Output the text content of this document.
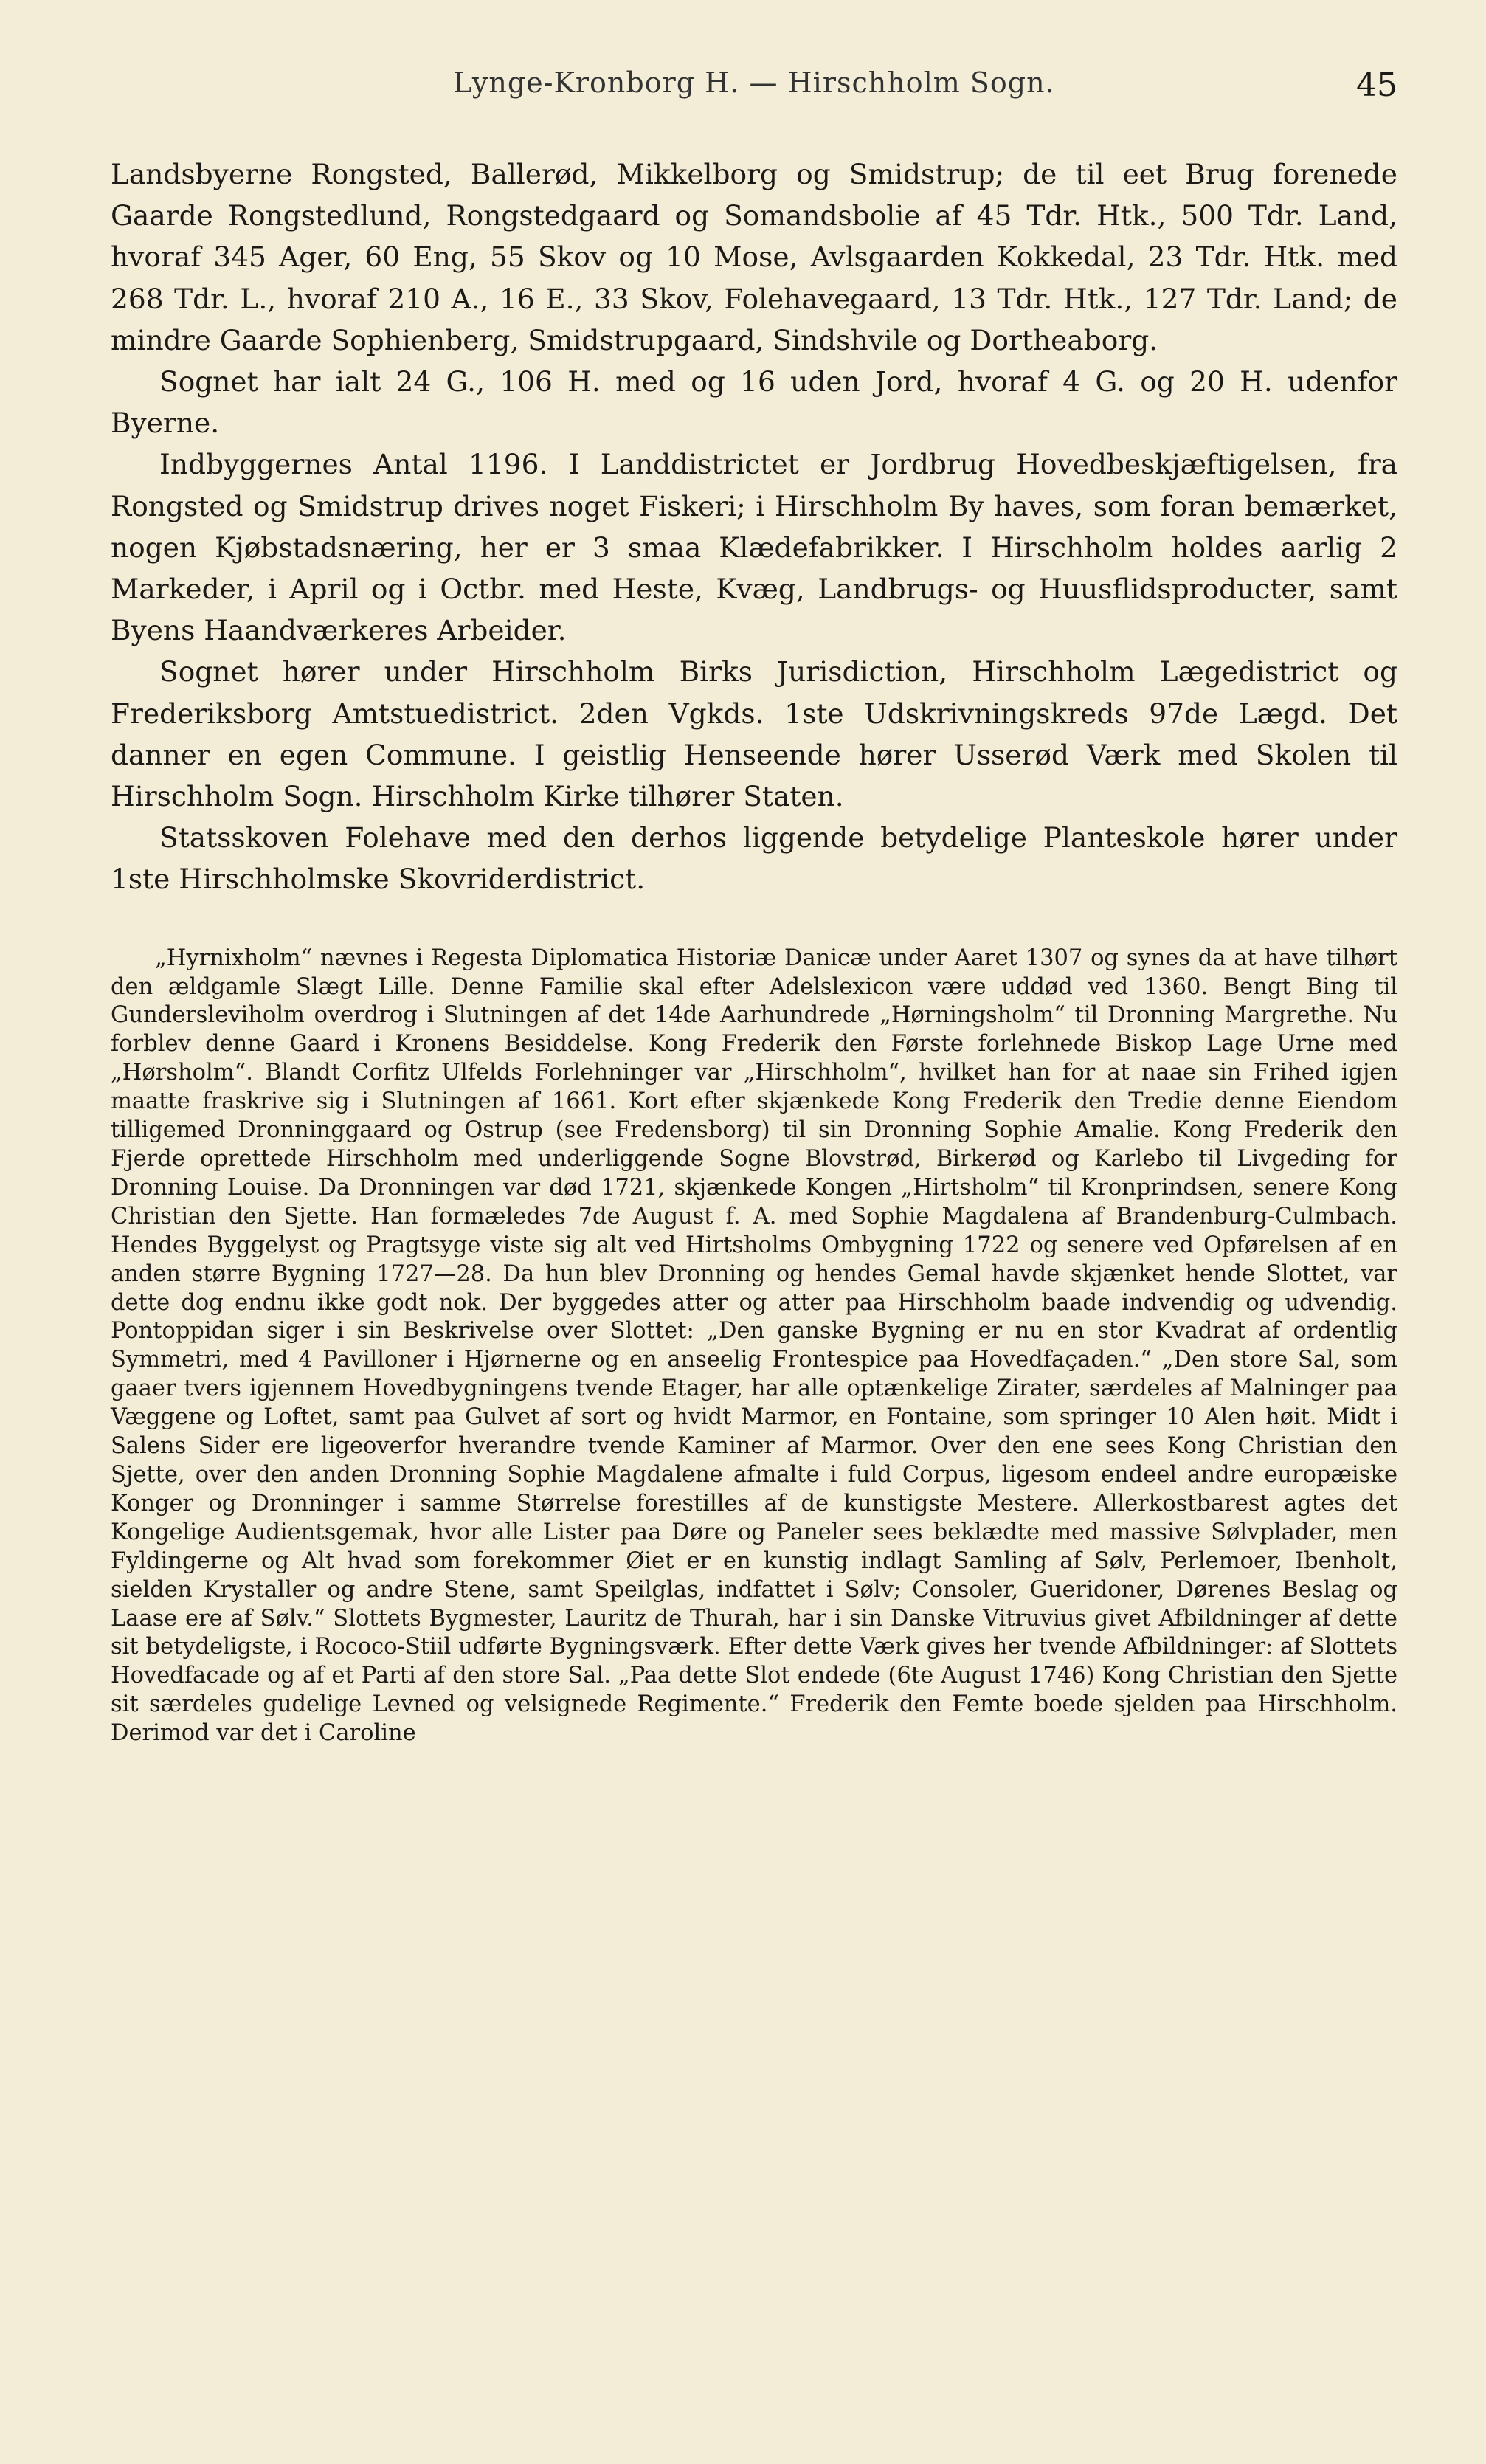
Lynge-Kronborg H. — Hirschholm Sogn.	45

Landsbyerne Rongsted, Ballerød, Mikkelborg og Smidstrup; de til eet Brug forenede Gaarde Rongstedlund, Rongstedgaard og Somandsbolie af 45 Tdr. Htk., 500 Tdr. Land, hvoraf 345 Ager, 60 Eng, 55 Skov og 10 Mose, Avlsgaarden Kokkedal, 23 Tdr. Htk. med 268 Tdr. L., hvoraf 210 A., 16 E., 33 Skov, Folehavegaard, 13 Tdr. Htk., 127 Tdr. Land; de mindre Gaarde Sophienberg, Smidstrupgaard, Sindshvile og Dortheaborg.

Sognet har ialt 24 G., 106 H. med og 16 uden Jord, hvoraf 4 G. og 20 H. udenfor Byerne.

Indbyggernes Antal 1196. I Landdistrictet er Jordbrug Hovedbeskjæftigelsen, fra Rongsted og Smidstrup drives noget Fiskeri; i Hirschholm By haves, som foran bemærket, nogen Kjøbstadsnæring, her er 3 smaa Klædefabrikker. I Hirschholm holdes aarlig 2 Markeder, i April og i Octbr. med Heste, Kvæg, Landbrugs- og Huusflidsproducter, samt Byens Haandværkeres Arbeider.

Sognet hører under Hirschholm Birks Jurisdiction, Hirschholm Lægedistrict og Frederiksborg Amtstuedistrict. 2den Vgkds. 1ste Udskrivningskreds 97de Lægd. Det danner en egen Commune. I geistlig Henseende hører Usserød Værk med Skolen til Hirschholm Sogn. Hirschholm Kirke tilhører Staten.

Statsskoven Folehave med den derhos liggende betydelige Planteskole hører under 1ste Hirschholmske Skovriderdistrict.

„Hyrnixholm“ nævnes i Regesta Diplomatica Historiæ Danicæ under Aaret 1307 og synes da at have tilhørt den ældgamle Slægt Lille. Denne Familie skal efter Adelslexicon være uddød ved 1360. Bengt Bing til Gundersleviholm overdrog i Slutningen af det 14de Aarhundrede „Hørningsholm“ til Dronning Margrethe. Nu forblev denne Gaard i Kronens Besiddelse. Kong Frederik den Første forlehnede Biskop Lage Urne med „Hørsholm“. Blandt Corfitz Ulfelds Forlehninger var „Hirschholm“, hvilket han for at naae sin Frihed igjen maatte fraskrive sig i Slutningen af 1661. Kort efter skjænkede Kong Frederik den Tredie denne Eiendom tilligemed Dronninggaard og Ostrup (see Fredensborg) til sin Dronning Sophie Amalie. Kong Frederik den Fjerde oprettede Hirschholm med underliggende Sogne Blovstrød, Birkerød og Karlebo til Livgeding for Dronning Louise. Da Dronningen var død 1721, skjænkede Kongen „Hirtsholm“ til Kronprindsen, senere Kong Christian den Sjette. Han formæledes 7de August f. A. med Sophie Magdalena af Brandenburg-Culmbach. Hendes Byggelyst og Pragtsyge viste sig alt ved Hirtsholms Ombygning 1722 og senere ved Opførelsen af en anden større Bygning 1727—28. Da hun blev Dronning og hendes Gemal havde skjænket hende Slottet, var dette dog endnu ikke godt nok. Der byggedes atter og atter paa Hirschholm baade indvendig og udvendig. Pontoppidan siger i sin Beskrivelse over Slottet: „Den ganske Bygning er nu en stor Kvadrat af ordentlig Symmetri, med 4 Pavilloner i Hjørnerne og en anseelig Frontespice paa Hovedfaçaden.“ „Den store Sal, som gaaer tvers igjennem Hovedbygningens tvende Etager, har alle optænkelige Zirater, særdeles af Malninger paa Væggene og Loftet, samt paa Gulvet af sort og hvidt Marmor, en Fontaine, som springer 10 Alen høit. Midt i Salens Sider ere ligeoverfor hverandre tvende Kaminer af Marmor. Over den ene sees Kong Christian den Sjette, over den anden Dronning Sophie Magdalene afmalte i fuld Corpus, ligesom endeel andre europæiske Konger og Dronninger i samme Størrelse forestilles af de kunstigste Mestere. Allerkostbarest agtes det Kongelige Audientsgemak, hvor alle Lister paa Døre og Paneler sees beklædte med massive Sølvplader, men Fyldingerne og Alt hvad som forekommer Øiet er en kunstig indlagt Samling af Sølv, Perlemoer, Ibenholt, sielden Krystaller og andre Stene, samt Speilglas, indfattet i Sølv; Consoler, Gueridoner, Dørenes Beslag og Laase ere af Sølv.“ Slottets Bygmester, Lauritz de Thurah, har i sin Danske Vitruvius givet Afbildninger af dette sit betydeligste, i Rococo-Stiil udførte Bygningsværk. Efter dette Værk gives her tvende Afbildninger: af Slottets Hovedfacade og af et Parti af den store Sal. „Paa dette Slot endede (6te August 1746) Kong Christian den Sjette sit særdeles gudelige Levned og velsignede Regimente.“ Frederik den Femte boede sjelden paa Hirschholm. Derimod var det i Caroline
